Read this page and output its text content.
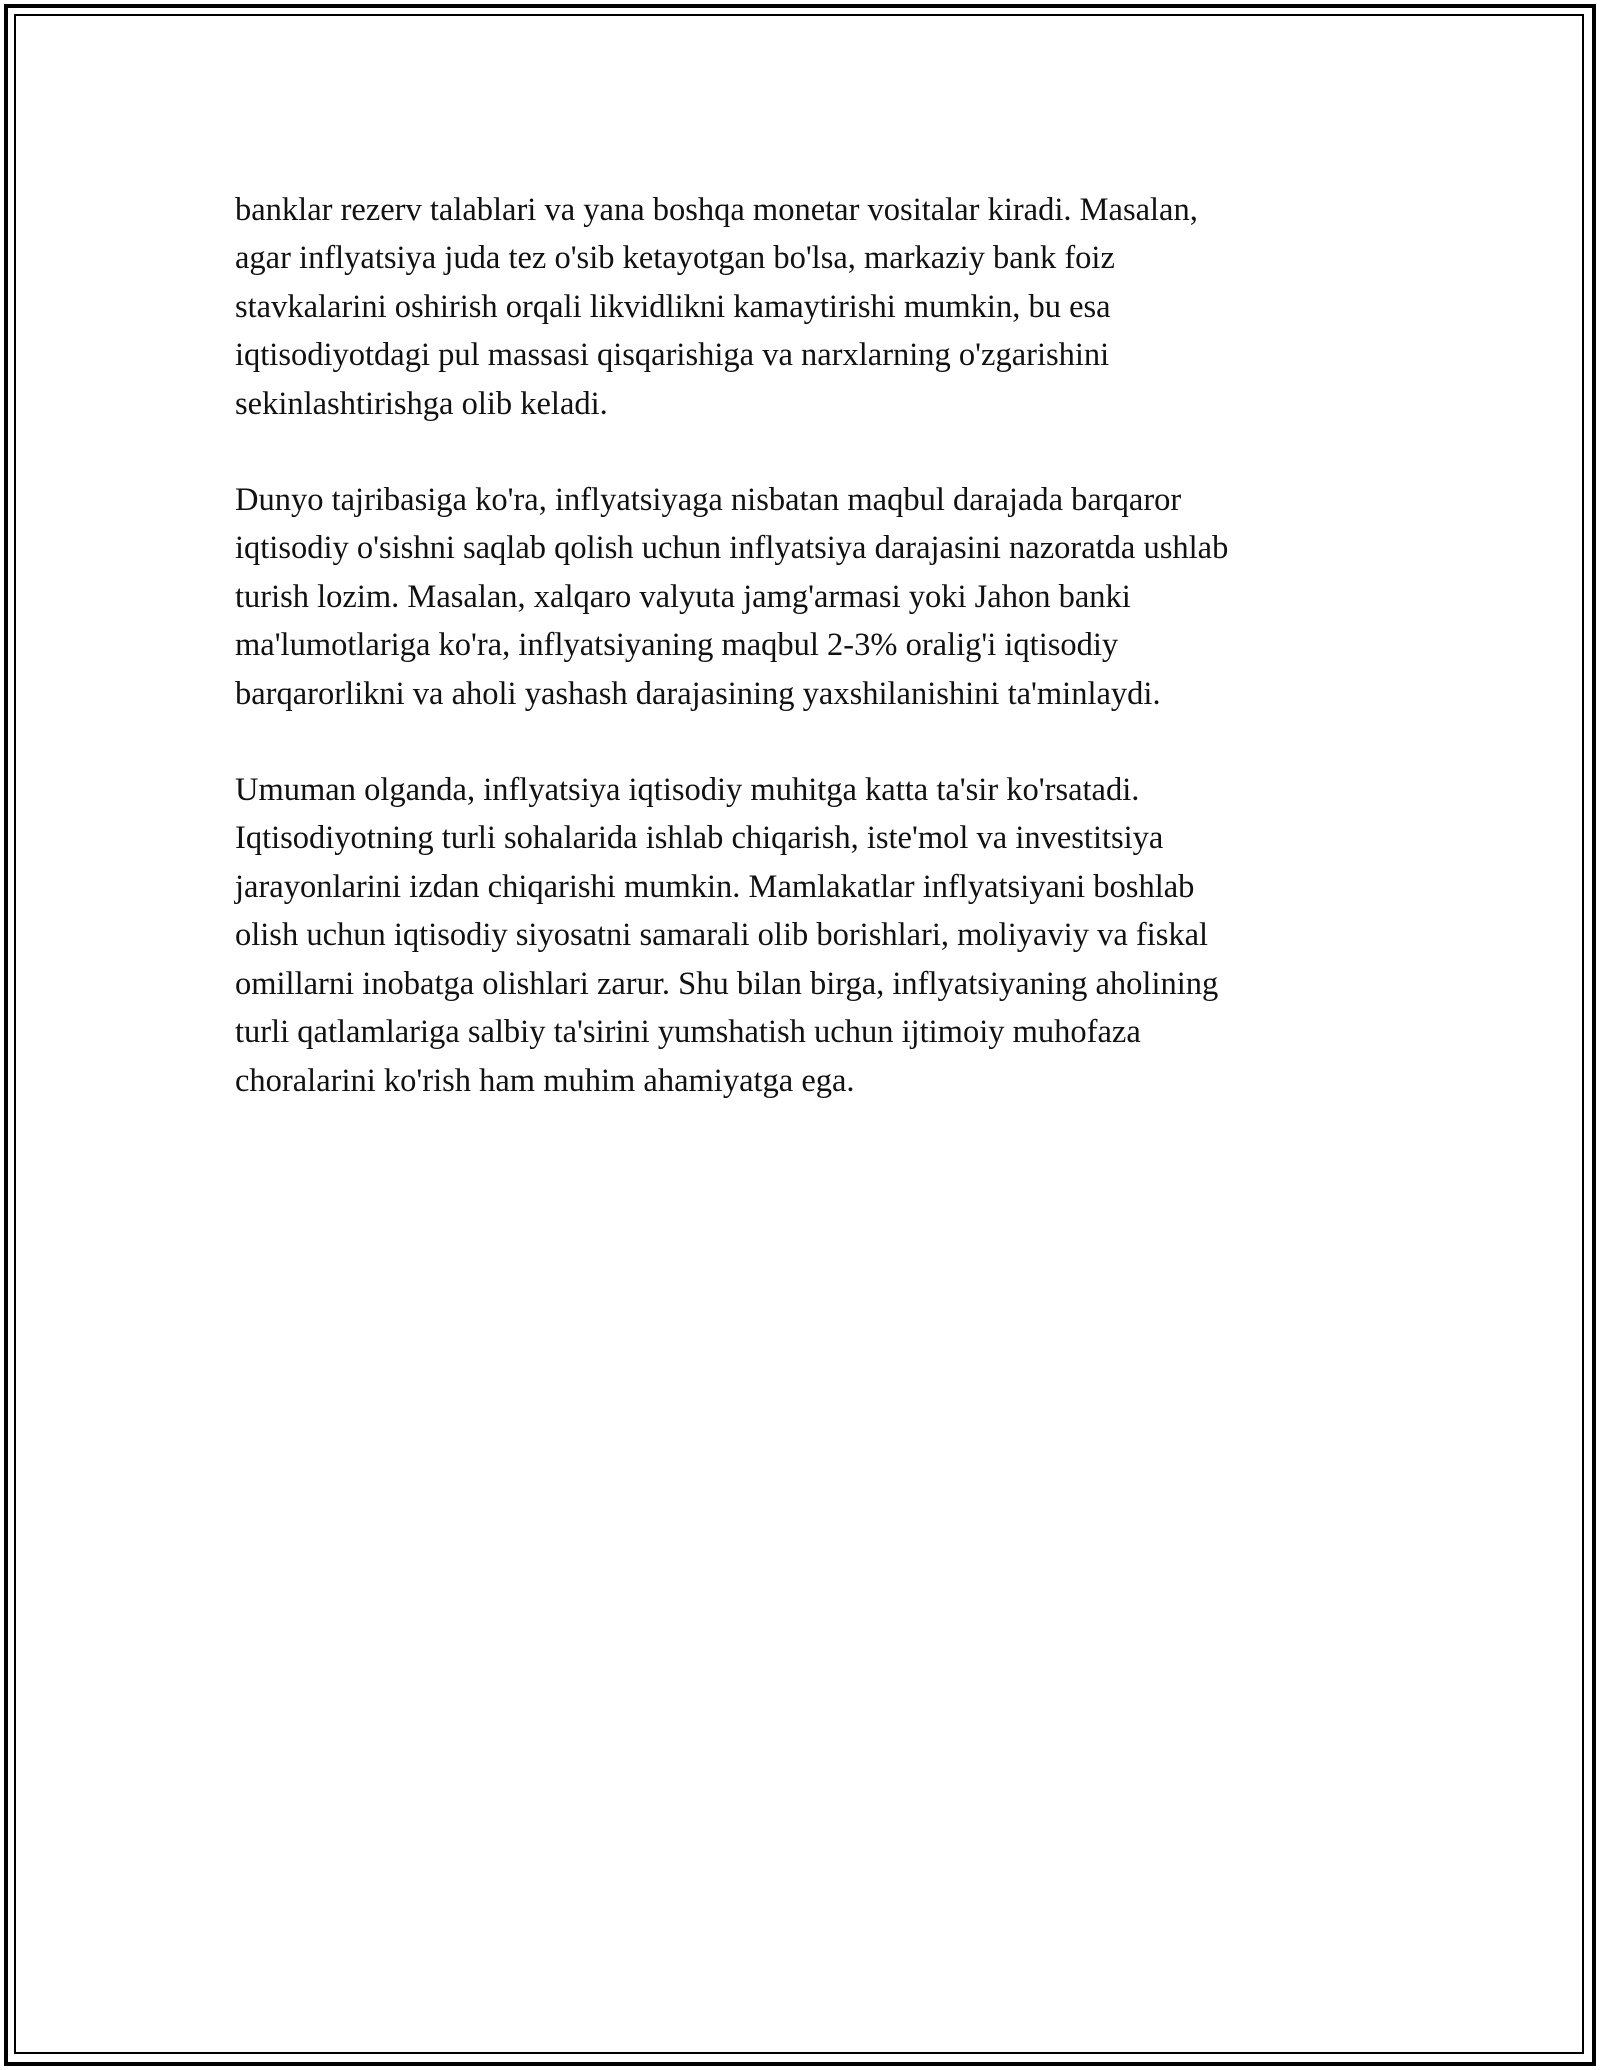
banklar rezerv talablari va yana boshqa monetar vositalar kiradi. Masalan,
agar inflyatsiya juda tez o'sib ketayotgan bo'lsa, markaziy bank foiz
stavkalarini oshirish orqali likvidlikni kamaytirishi mumkin, bu esa
iqtisodiyotdagi pul massasi qisqarishiga va narxlarning o'zgarishini
sekinlashtirishga olib keladi.

Dunyo tajribasiga ko'ra, inflyatsiyaga nisbatan maqbul darajada barqaror
iqtisodiy o'sishni saqlab qolish uchun inflyatsiya darajasini nazoratda ushlab
turish lozim. Masalan, xalqaro valyuta jamg'armasi yoki Jahon banki
ma'lumotlariga ko'ra, inflyatsiyaning maqbul 2-3% oralig'i iqtisodiy
barqarorlikni va aholi yashash darajasining yaxshilanishini ta'minlaydi.

Umuman olganda, inflyatsiya iqtisodiy muhitga katta ta'sir ko'rsatadi.
Iqtisodiyotning turli sohalarida ishlab chiqarish, iste'mol va investitsiya
jarayonlarini izdan chiqarishi mumkin. Mamlakatlar inflyatsiyani boshlab
olish uchun iqtisodiy siyosatni samarali olib borishlari, moliyaviy va fiskal
omillarni inobatga olishlari zarur. Shu bilan birga, inflyatsiyaning aholining
turli qatlamlariga salbiy ta'sirini yumshatish uchun ijtimoiy muhofaza
choralarini ko'rish ham muhim ahamiyatga ega.
